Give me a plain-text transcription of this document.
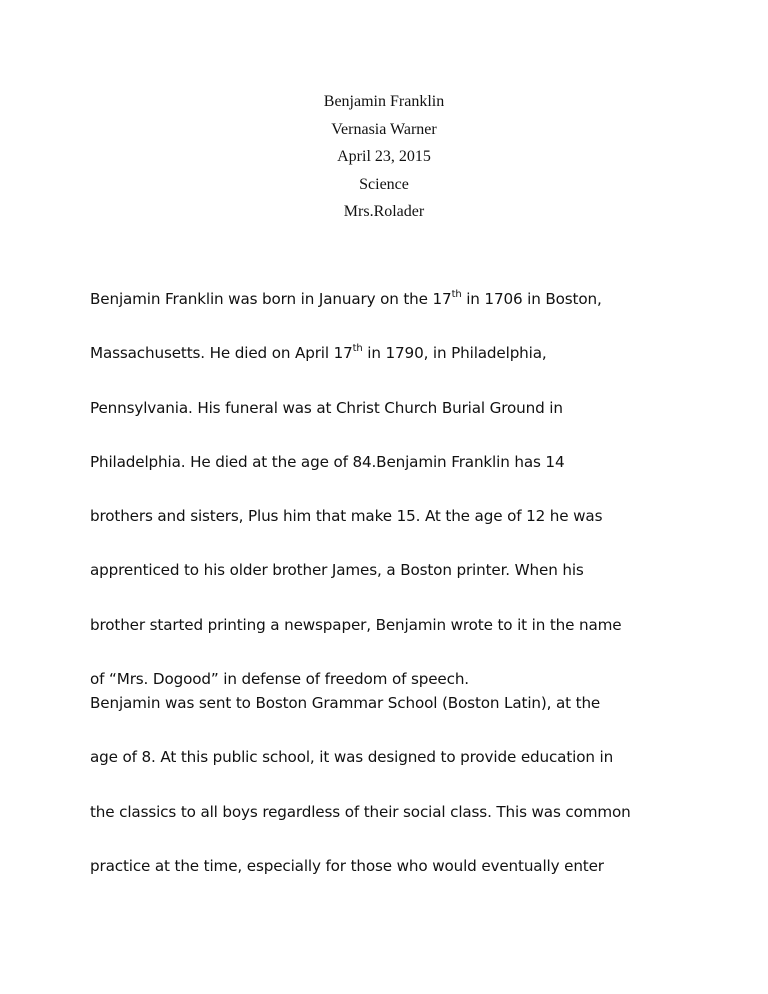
Benjamin Franklin
Vernasia Warner
April 23, 2015
Science
Mrs.Rolader
Benjamin Franklin was born in January on the 17th in 1706 in Boston,
Massachusetts. He died on April 17th in 1790, in Philadelphia,
Pennsylvania. His funeral was at Christ Church Burial Ground in
Philadelphia. He died at the age of 84.Benjamin Franklin has 14
brothers and sisters, Plus him that make 15. At the age of 12 he was
apprenticed to his older brother James, a Boston printer. When his
brother started printing a newspaper, Benjamin wrote to it in the name
of “Mrs. Dogood” in defense of freedom of speech.
Benjamin was sent to Boston Grammar School (Boston Latin), at the
age of 8. At this public school, it was designed to provide education in
the classics to all boys regardless of their social class. This was common
practice at the time, especially for those who would eventually enter
